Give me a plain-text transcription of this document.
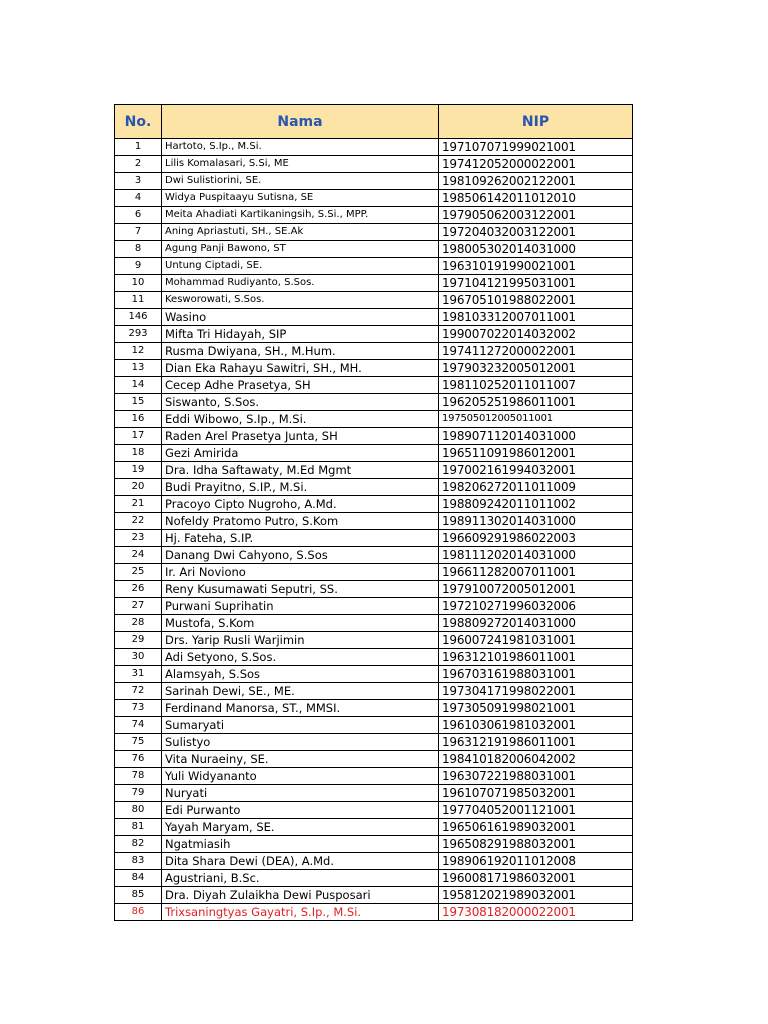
No.	Nama	NIP
1	Hartoto, S.Ip., M.Si.	197107071999021001
2	Lilis Komalasari, S.Si, ME	197412052000022001
3	Dwi Sulistiorini, SE.	198109262002122001
4	Widya Puspitaayu Sutisna, SE	198506142011012010
6	Meita Ahadiati Kartikaningsih, S.Si., MPP.	197905062003122001
7	Aning Apriastuti, SH., SE.Ak	197204032003122001
8	Agung Panji Bawono, ST	198005302014031000
9	Untung Ciptadi, SE.	196310191990021001
10	Mohammad Rudiyanto, S.Sos.	197104121995031001
11	Kesworowati, S.Sos.	196705101988022001
146	Wasino	198103312007011001
293	Mifta Tri Hidayah, SIP	199007022014032002
12	Rusma Dwiyana, SH., M.Hum.	197411272000022001
13	Dian Eka Rahayu Sawitri, SH., MH.	197903232005012001
14	Cecep Adhe Prasetya, SH	198110252011011007
15	Siswanto, S.Sos.	196205251986011001
16	Eddi Wibowo, S.Ip., M.Si.	197505012005011001
17	Raden Arel Prasetya Junta, SH	198907112014031000
18	Gezi Amirida	196511091986012001
19	Dra. Idha Saftawaty, M.Ed Mgmt	197002161994032001
20	Budi Prayitno, S.IP., M.Si.	198206272011011009
21	Pracoyo Cipto Nugroho, A.Md.	198809242011011002
22	Nofeldy Pratomo Putro, S.Kom	198911302014031000
23	Hj. Fateha, S.IP.	196609291986022003
24	Danang Dwi Cahyono, S.Sos	198111202014031000
25	Ir. Ari Noviono	196611282007011001
26	Reny Kusumawati Seputri, SS.	197910072005012001
27	Purwani Suprihatin	197210271996032006
28	Mustofa, S.Kom	198809272014031000
29	Drs. Yarip Rusli Warjimin	196007241981031001
30	Adi Setyono, S.Sos.	196312101986011001
31	Alamsyah, S.Sos	196703161988031001
72	Sarinah Dewi, SE., ME.	197304171998022001
73	Ferdinand Manorsa, ST., MMSI.	197305091998021001
74	Sumaryati	196103061981032001
75	Sulistyo	196312191986011001
76	Vita Nuraeiny, SE.	198410182006042002
78	Yuli Widyananto	196307221988031001
79	Nuryati	196107071985032001
80	Edi Purwanto	197704052001121001
81	Yayah Maryam, SE.	196506161989032001
82	Ngatmiasih	196508291988032001
83	Dita Shara Dewi (DEA), A.Md.	198906192011012008
84	Agustriani, B.Sc.	196008171986032001
85	Dra. Diyah Zulaikha Dewi Pusposari	195812021989032001
86	Trixsaningtyas Gayatri, S.Ip., M.Si.	197308182000022001
